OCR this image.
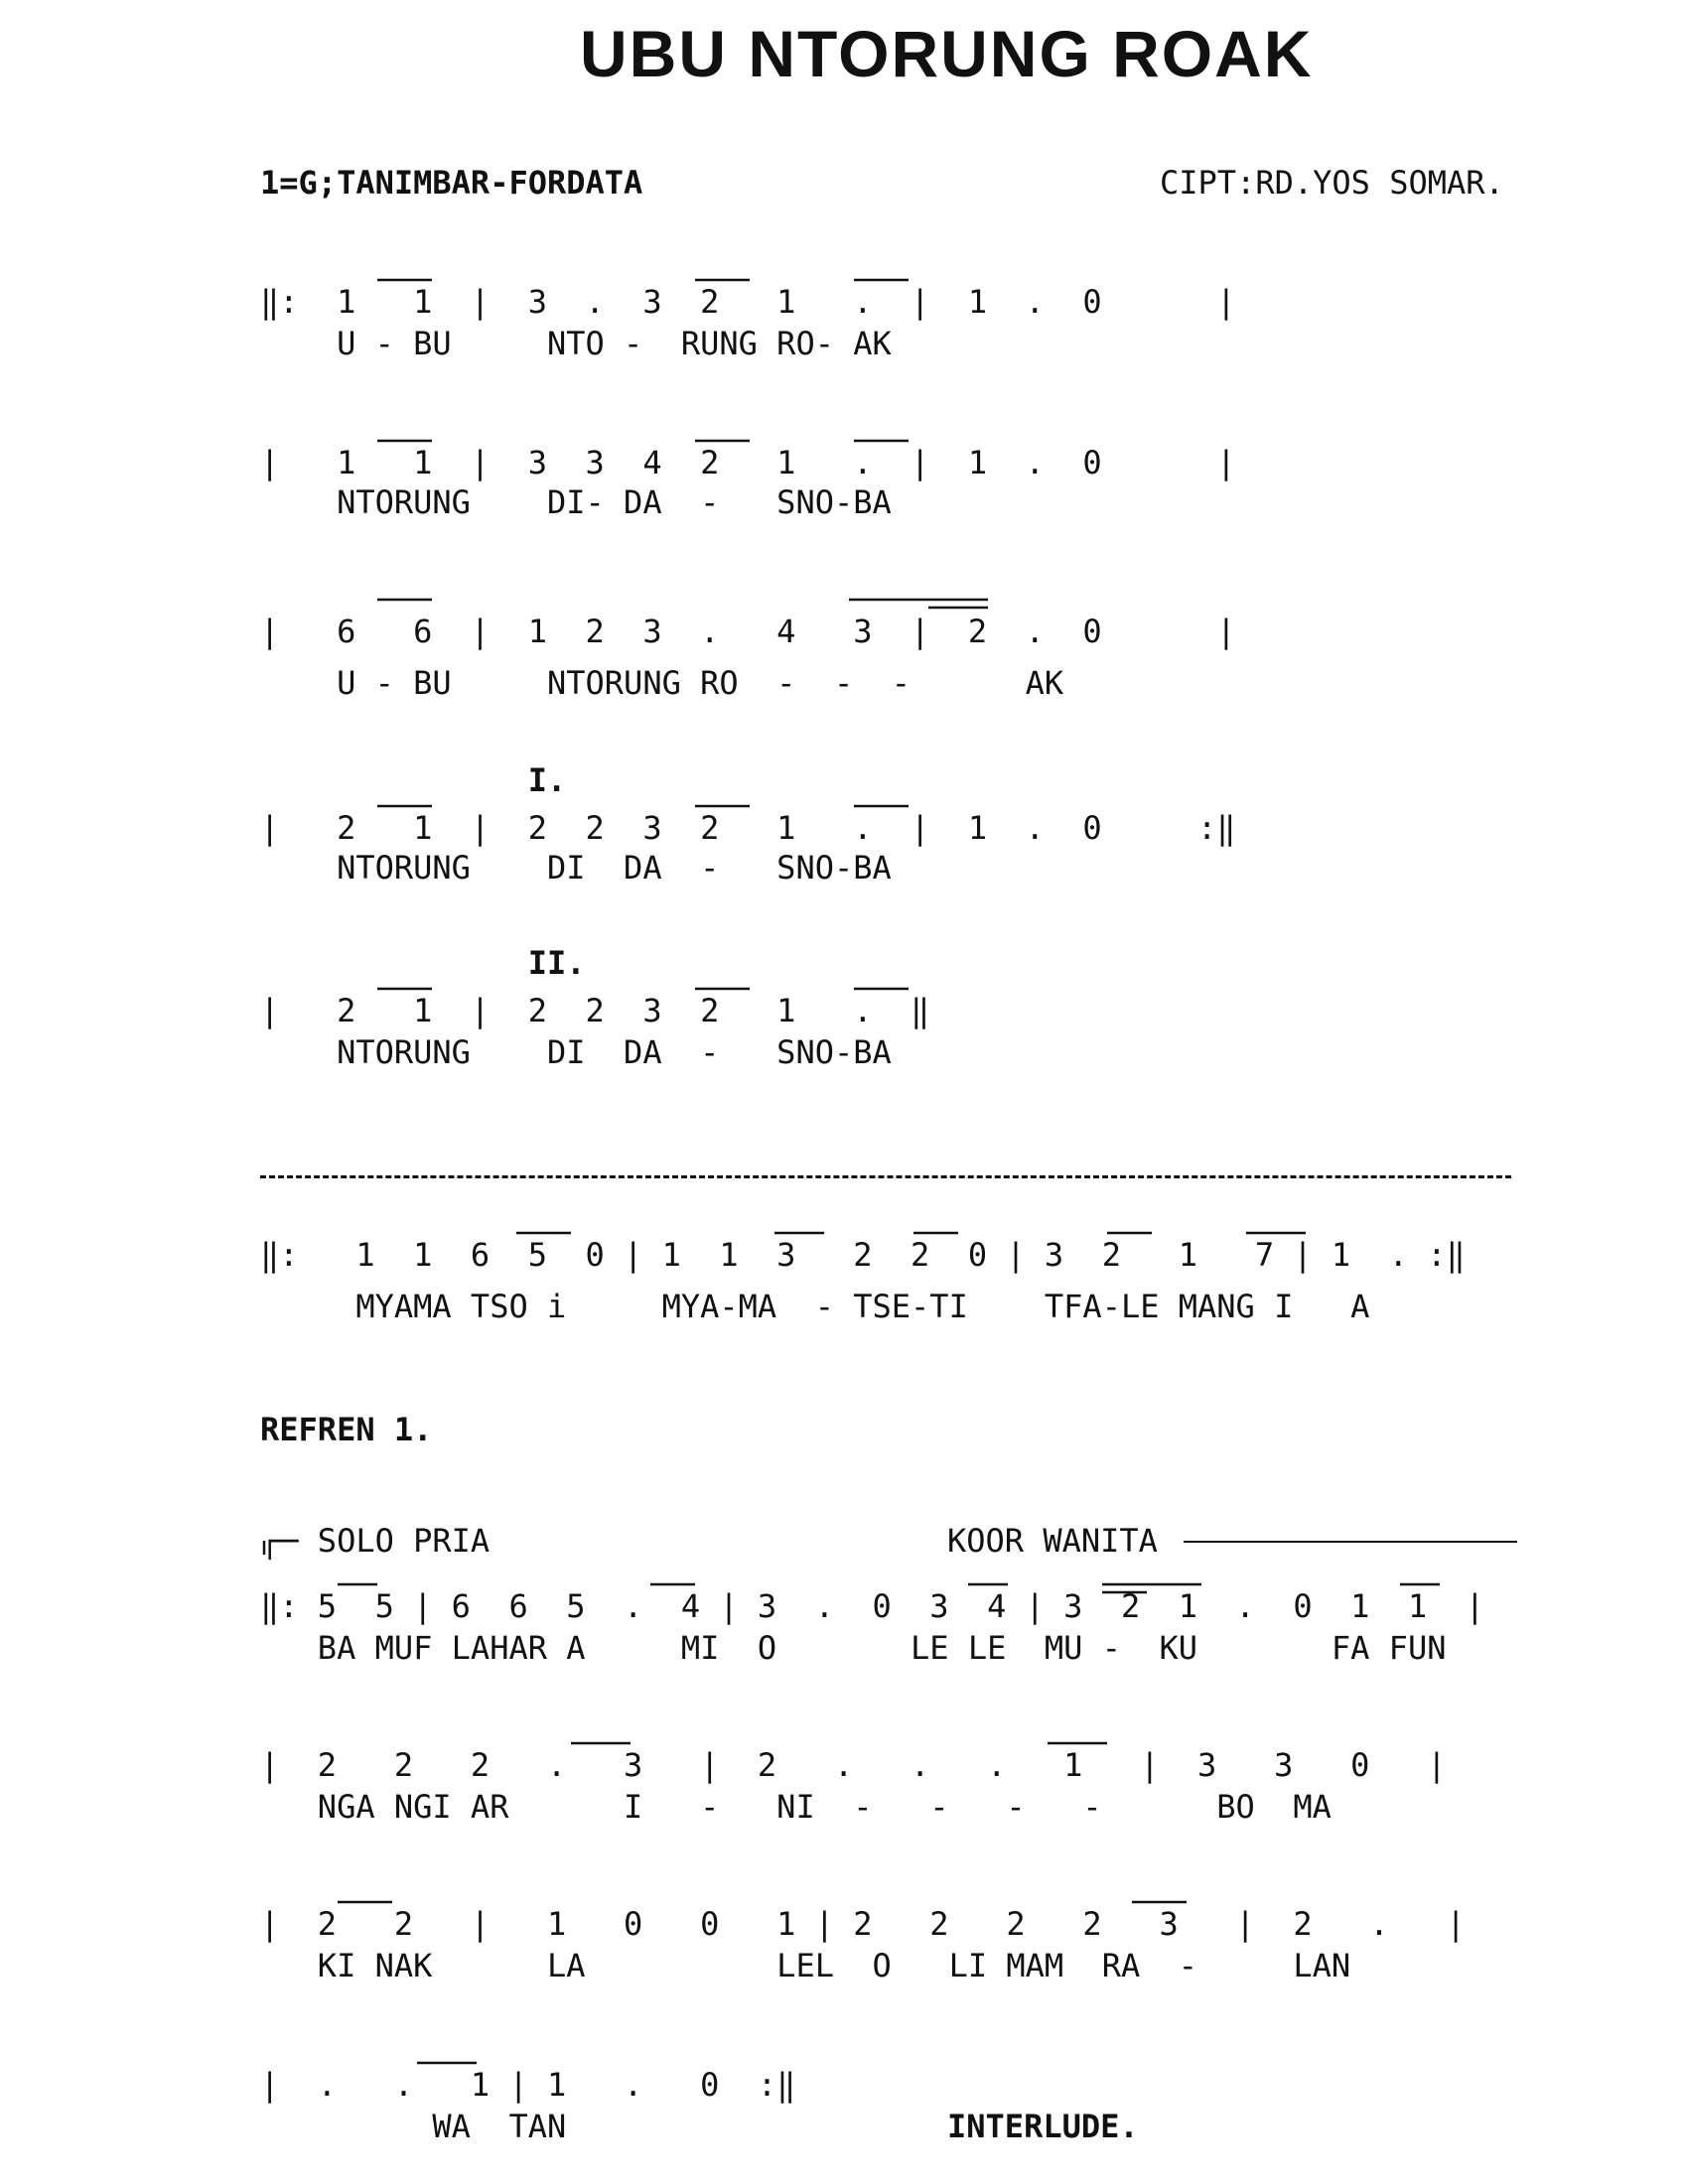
UBU NTORUNG ROAK
1=G;TANIMBAR-FORDATA	CIPT:RD.YOS SOMAR.
‖:  1   1  |  3  .  3  2   1   .  |  1  .  0      |
U - BU     NTO -  RUNG RO- AK
|   1   1  |  3  3  4  2   1   .  |  1  .  0      |
NTORUNG    DI- DA  -   SNO-BA
|   6   6  |  1  2  3  .   4   3  |  2  .  0      |
U - BU     NTORUNG RO  -  -  -      AK
I.
|   2   1  |  2  2  3  2   1   .  |  1  .  0     :‖
NTORUNG    DI  DA  -   SNO-BA
II.
|   2   1  |  2  2  3  2   1   .  ‖
NTORUNG    DI  DA  -   SNO-BA
‖:   1  1  6  5  0 | 1  1  3   2  2  0 | 3  2   1   7 | 1  . :‖
MYAMA TSO i     MYA-MA  - TSE-TI    TFA-LE MANG I   A
REFREN 1.
┌─ SOLO PRIA	KOOR WANITA
‖: 5  5 | 6  6  5  .  4 | 3  .  0  3  4 | 3  2  1  .  0  1  1  |
BA MUF LAHAR A     MI  O       LE LE  MU -  KU       FA FUN
|  2   2   2   .   3   |  2   .   .   .   1   |  3   3   0   |
NGA NGI AR      I   -   NI  -   -   -   -      BO  MA
|  2   2   |   1   0   0   1 | 2   2   2   2   3   |  2   .   |
KI NAK      LA          LEL  O   LI MAM  RA  -     LAN
|  .   .   1 | 1   .   0  :‖
WA  TAN	INTERLUDE.
